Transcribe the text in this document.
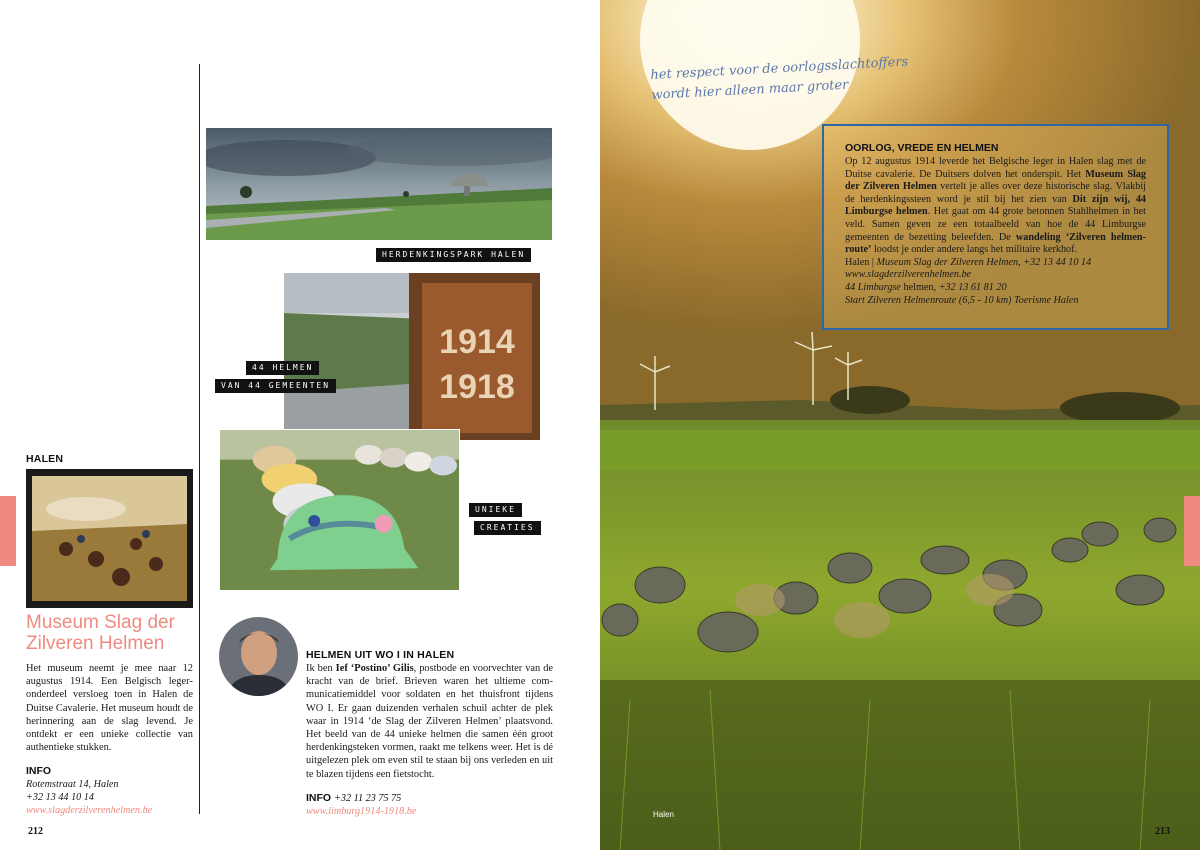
HERDENKINGSPARK HALEN
1914
1918
44 HELMEN
VAN 44 GEMEENTEN
UNIEKE
CREATIES
HALEN
Museum Slag der Zilveren Helmen
Het museum neemt je mee naar 12 augustus 1914. Een Belgisch legeronderdeel versloeg toen in Halen de Duitse Cavalerie. Het museum houdt de herinnering aan de slag levend. Je ontdekt er een unieke collectie van authentieke stukken.
INFO
Rotemstraat 14, Halen
+32 13 44 10 14
www.slagderzilverenhelmen.be
212
HELMEN UIT WO I IN HALEN
Ik ben Ief ‘Postino’ Gilis, postbode en voorvechter van de kracht van de brief. Brieven waren het ultieme communicatiemiddel voor soldaten en het thuisfront tijdens WO I. Er gaan duizenden verhalen schuil achter de plek waar in 1914 ‘de Slag der Zilveren Helmen’ plaatsvond. Het beeld van de 44 unieke helmen die samen één groot herdenkingsteken vormen, raakt me telkens weer. Het is dé uitgelezen plek om even stil te staan bij ons verleden en uit te blazen tijdens een fietstocht.
INFO +32 11 23 75 75
www.limburg1914-1918.be
het respect voor de oorlogsslachtoffers
wordt hier alleen maar groter
OORLOG, VREDE EN HELMEN
Op 12 augustus 1914 leverde het Belgische leger in Halen slag met de Duitse cavalerie. De Duitsers dolven het onderspit. Het Museum Slag der Zilveren Helmen vertelt je alles over deze historische slag. Vlakbij de herdenkingssteen word je stil bij het zien van Dit zijn wij, 44 Limburgse helmen. Het gaat om 44 grote betonnen Stahlhelmen in het veld. Samen geven ze een totaalbeeld van hoe de 44 Limburgse gemeenten de bezetting beleefden. De wandeling ‘Zilveren helmenroute’ loodst je onder andere langs het militaire kerkhof.
Halen | Museum Slag der Zilveren Helmen, +32 13 44 10 14
www.slagderzilverenhelmen.be
44 Limburgse helmen, +32 13 61 81 20
Start Zilveren Helmenroute (6,5 - 10 km) Toerisme Halen
Halen
213
